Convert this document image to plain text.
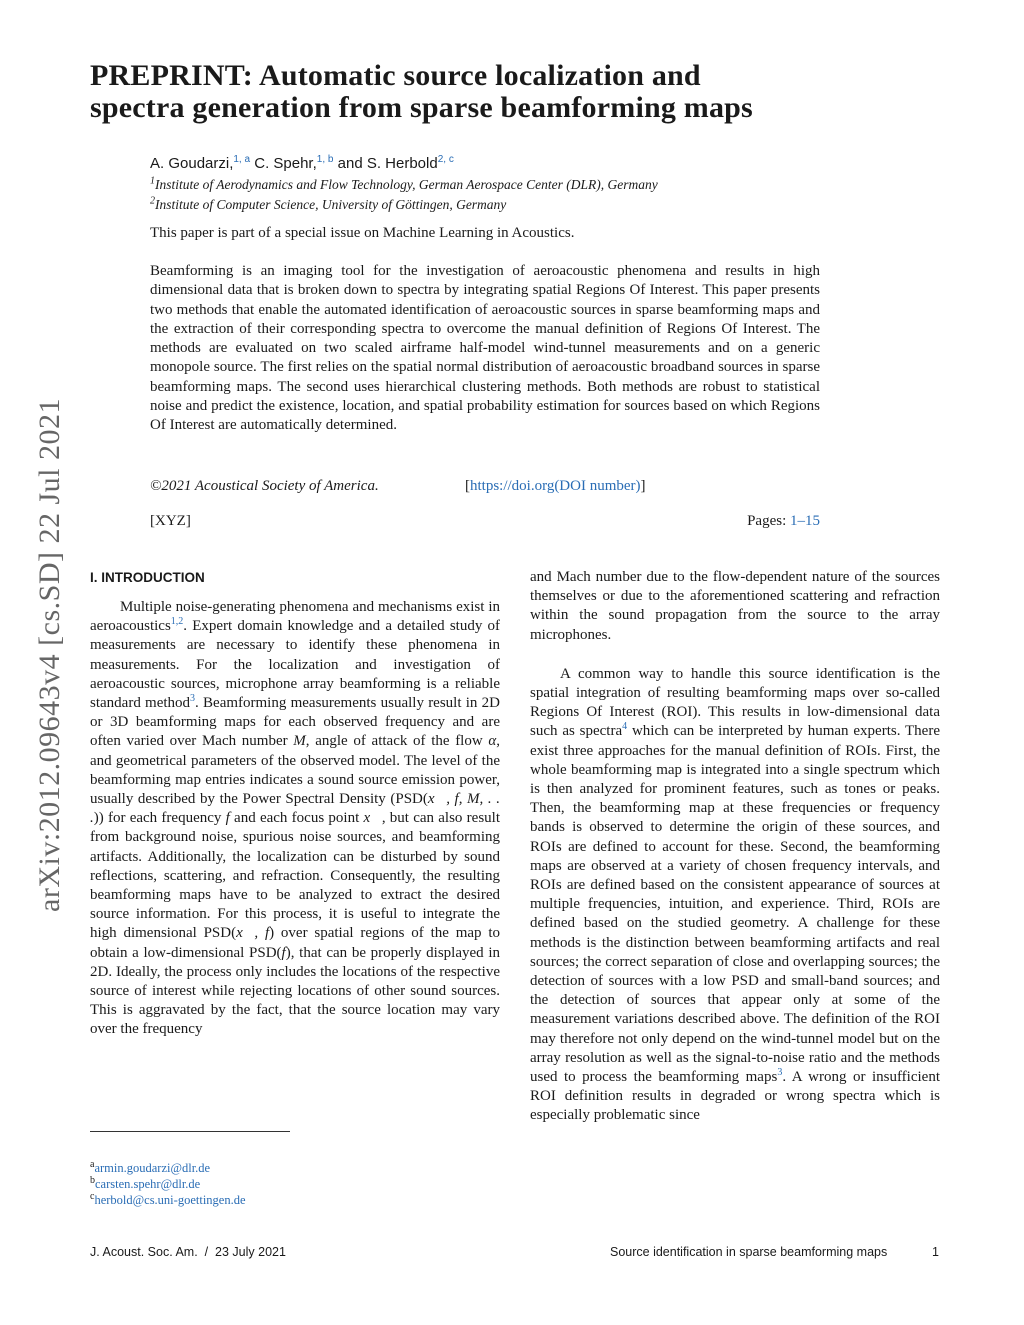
PREPRINT: Automatic source localization and
spectra generation from sparse beamforming maps
A. Goudarzi,$^{1, a}$ C. Spehr,$^{1, b}$ and S. Herbold$^{2, c}$
$^1$Institute of Aerodynamics and Flow Technology, German Aerospace Center (DLR), Germany
$^2$Institute of Computer Science, University of Göttingen, Germany
This paper is part of a special issue on Machine Learning in Acoustics.
Beamforming is an imaging tool for the investigation of aeroacoustic phenomena and results in high dimensional data that is broken down to spectra by integrating spatial Regions Of Interest. This paper presents two methods that enable the automated identification of aeroacoustic sources in sparse beamforming maps and the extraction of their corresponding spectra to overcome the manual definition of Regions Of Interest. The methods are evaluated on two scaled airframe half-model wind-tunnel measurements and on a generic monopole source. The first relies on the spatial normal distribution of aeroacoustic broadband sources in sparse beamforming maps. The second uses hierarchical clustering methods. Both methods are robust to statistical noise and predict the existence, location, and spatial probability estimation for sources based on which Regions Of Interest are automatically determined.
©2021 Acoustical Society of America.	[https://doi.org(DOI number)]
[XYZ]	Pages: 1–15
arXiv:2012.09643v4 [cs.SD] 22 Jul 2021 I. INTRODUCTION

Multiple noise-generating phenomena and mechanisms exist in aeroacoustics$^{1,2}$. Expert domain knowledge and a detailed study of measurements are necessary to identify these phenomena in measurements. For the localization and investigation of aeroacoustic sources, microphone array beamforming is a reliable standard method$^3$. Beamforming measurements usually result in 2D or 3D beamforming maps for each observed frequency and are often varied over Mach number M, angle of attack of the flow α, and geometrical parameters of the observed model. The level of the beamforming map entries indicates a sound source emission power, usually described by the Power Spectral Density (PSD(x⃗, f, M, . . .)) for each frequency f and each focus point x⃗, but can also result from background noise, spurious noise sources, and beamforming artifacts. Additionally, the localization can be disturbed by sound reflections, scattering, and refraction. Consequently, the resulting beamforming maps have to be analyzed to extract the desired source information. For this process, it is useful to integrate the high dimensional PSD(x⃗, f) over spatial regions of the map to obtain a low-dimensional PSD(f), that can be properly displayed in 2D. Ideally, the process only includes the locations of the respective source of interest while rejecting locations of other sound sources. This is aggravated by the fact, that the source location may vary over the frequency

and Mach number due to the flow-dependent nature of the sources themselves or due to the aforementioned scattering and refraction within the sound propagation from the source to the array microphones.

A common way to handle this source identification is the spatial integration of resulting beamforming maps over so-called Regions Of Interest (ROI). This results in low-dimensional data such as spectra$^4$ which can be interpreted by human experts. There exist three approaches for the manual definition of ROIs. First, the whole beamforming map is integrated into a single spectrum which is then analyzed for prominent features, such as tones or peaks. Then, the beamforming map at these frequencies or frequency bands is observed to determine the origin of these sources, and ROIs are defined to account for these. Second, the beamforming maps are observed at a variety of chosen frequency intervals, and ROIs are defined based on the consistent appearance of sources at multiple frequencies, intuition, and experience. Third, ROIs are defined based on the studied geometry. A challenge for these methods is the distinction between beamforming artifacts and real sources; the correct separation of close and overlapping sources; the detection of sources with a low PSD and small-band sources; and the detection of sources that appear only at some of the measurement variations described above. The definition of the ROI may therefore not only depend on the wind-tunnel model but on the array resolution as well as the signal-to-noise ratio and the methods used to process the beamforming maps$^3$. A wrong or insufficient ROI definition results in degraded or wrong spectra which is especially problematic since

$^a$armin.goudarzi@dlr.de
$^b$carsten.spehr@dlr.de
$^c$herbold@cs.uni-goettingen.de
J. Acoust. Soc. Am.  /  23 July 2021	Source identification in sparse beamforming maps	1
